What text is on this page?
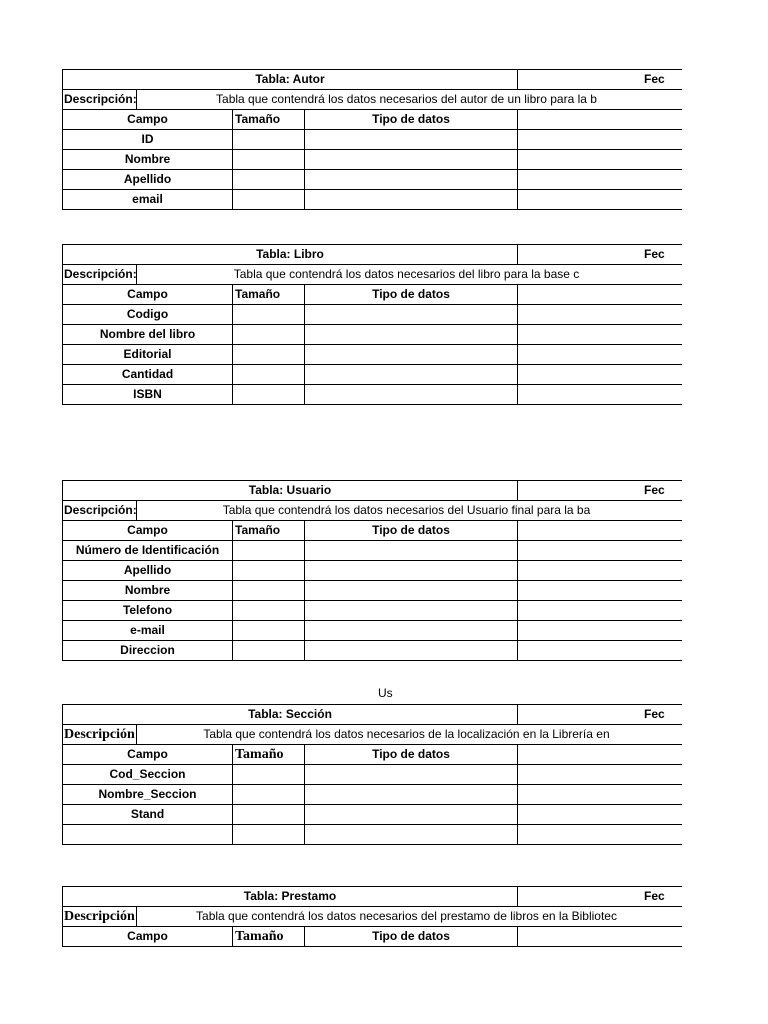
Tabla: Autor	Fec
Descripción:	Tabla que contendrá los datos necesarios del autor de un libro para la b
Campo	Tamaño	Tipo de datos
ID
Nombre
Apellido
email
Tabla: Libro	Fec
Descripción:	Tabla que contendrá los datos necesarios del libro para la base c
Campo	Tamaño	Tipo de datos
Codigo
Nombre del libro
Editorial
Cantidad
ISBN
Tabla: Usuario	Fec
Descripción:	Tabla que contendrá los datos necesarios del Usuario final para la ba
Campo	Tamaño	Tipo de datos
Número de Identificación
Apellido
Nombre
Telefono
e-mail
Direccion
Tabla: Sección	Fec
Descripción	Tabla que contendrá los datos necesarios de la localización en la Librería en
Campo	Tamaño	Tipo de datos
Cod_Seccion
Nombre_Seccion
Stand
Tabla: Prestamo	Fec
Descripción	Tabla que contendrá los datos necesarios del prestamo de libros en la Bibliotec
Campo	Tamaño	Tipo de datos
Us
